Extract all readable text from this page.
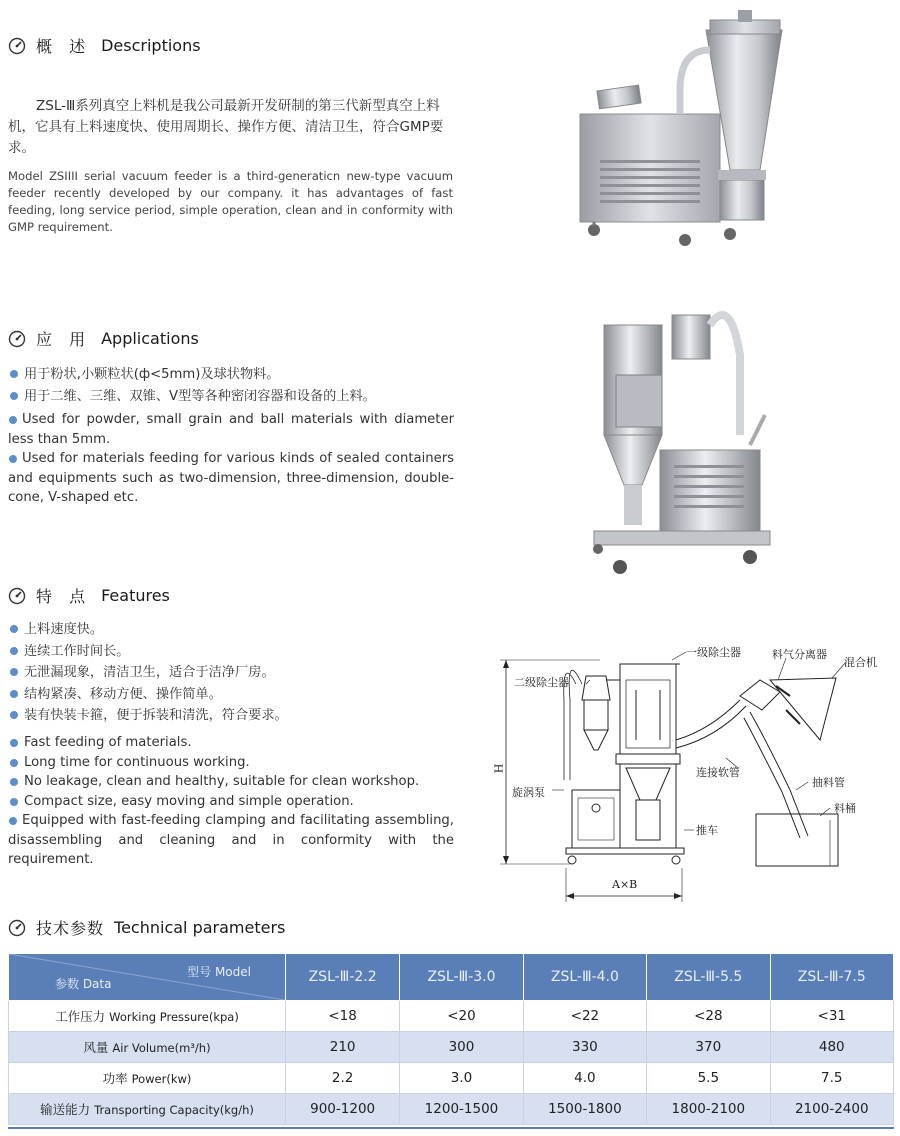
概 述 Descriptions
ZSL-Ⅲ系列真空上料机是我公司最新开发研制的第三代新型真空上料机，它具有上料速度快、使用周期长、操作方便、清洁卫生，符合GMP要求。
Model ZSIIII serial vacuum feeder is a third-generaticn new-type vacuum feeder recently developed by our company. it has advantages of fast feeding, long service period, simple operation, clean and in conformity with GMP requirement.
应 用 Applications
用于粉状,小颗粒状(ф<5mm)及球状物料。
用于二维、三维、双锥、V型等各种密闭容器和设备的上料。
Used for powder, small grain and ball materials with diameter less than 5mm.
Used for materials feeding for various kinds of sealed containers and equipments such as two-dimension, three-dimension, double-cone, V-shaped etc.
特 点 Features
上料速度快。
连续工作时间长。
无泄漏现象，清洁卫生，适合于洁净厂房。
结构紧凑、移动方便、操作简单。
装有快装卡箍，便于拆装和清洗，符合要求。
Fast feeding of materials.
Long time for continuous working.
No leakage, clean and healthy, suitable for clean workshop.
Compact size, easy moving and simple operation.
Equipped with fast-feeding clamping and facilitating assembling, disassembling and cleaning and in conformity with the requirement.
一级除尘器
二级除尘器
料气分离器
混合机
连接软管
旋涡泵
抽料管
料桶
推车
H
A×B
技术参数 Technical parameters
型号 Model
参数 Data	ZSL-Ⅲ-2.2	ZSL-Ⅲ-3.0	ZSL-Ⅲ-4.0	ZSL-Ⅲ-5.5	ZSL-Ⅲ-7.5
工作压力 Working Pressure(kpa)	<18	<20	<22	<28	<31
风量 Air Volume(m³/h)	210	300	330	370	480
功率 Power(kw)	2.2	3.0	4.0	5.5	7.5
输送能力 Transporting Capacity(kg/h)	900-1200	1200-1500	1500-1800	1800-2100	2100-2400
